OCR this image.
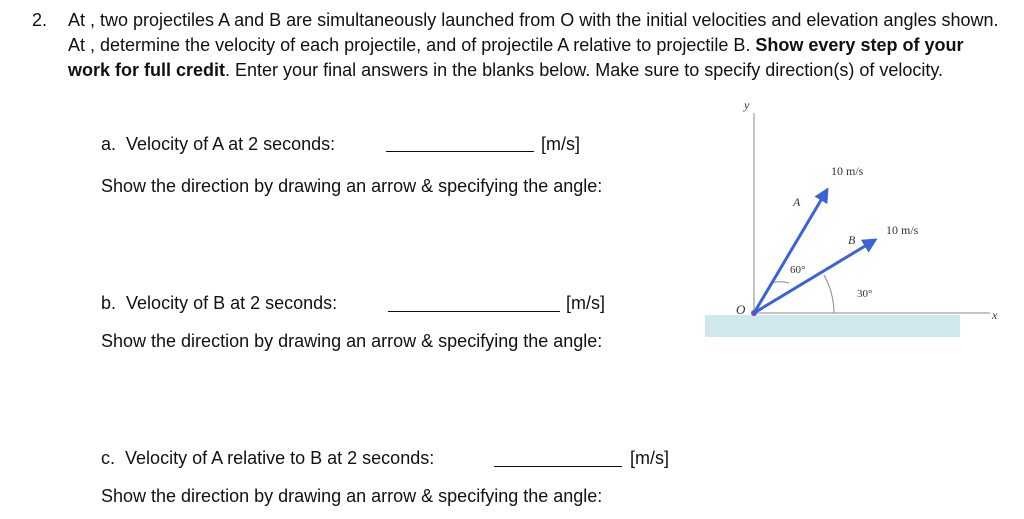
2. At , two projectiles A and B are simultaneously launched from O with the initial velocities and elevation angles shown. At , determine the velocity of each projectile, and of projectile A relative to projectile B. Show every step of your work for full credit. Enter your final answers in the blanks below. Make sure to specify direction(s) of velocity.
a. Velocity of A at 2 seconds:	[m/s]
Show the direction by drawing an arrow & specifying the angle:
b. Velocity of B at 2 seconds:	[m/s]
Show the direction by drawing an arrow & specifying the angle:
c. Velocity of A relative to B at 2 seconds:	[m/s]
Show the direction by drawing an arrow & specifying the angle:
y
x
O
A
10 m/s
B
10 m/s
60°
30°
